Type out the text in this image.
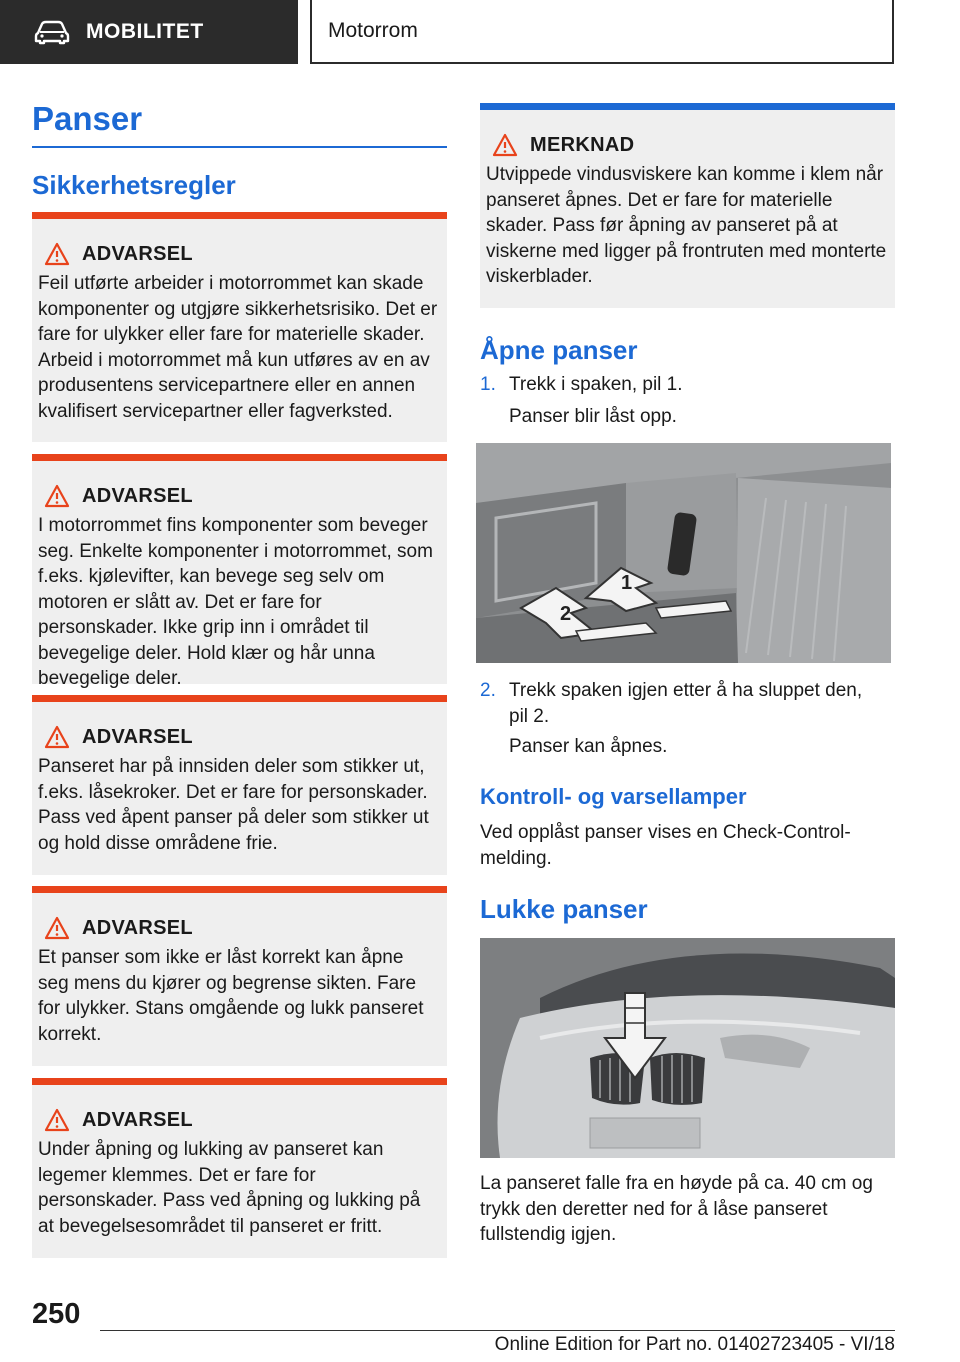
MOBILITET	Motorrom
Panser
Sikkerhetsregler
ADVARSEL
Feil utførte arbeider i motorrommet kan skade komponenter og utgjøre sikkerhetsrisiko. Det er fare for ulykker eller fare for materielle skader. Arbeid i motorrommet må kun utføres av en av produsentens servicepartnere eller en annen kvalifisert servicepartner eller fagverksted.
ADVARSEL
I motorrommet fins komponenter som beveger seg. Enkelte komponenter i motorrommet, som f.eks. kjølevifter, kan bevege seg selv om motoren er slått av. Det er fare for personskader. Ikke grip inn i området til bevegelige deler. Hold klær og hår unna bevegelige deler.
ADVARSEL
Panseret har på innsiden deler som stikker ut, f.eks. låsekroker. Det er fare for personskader. Pass ved åpent panser på deler som stikker ut og hold disse områdene frie.
ADVARSEL
Et panser som ikke er låst korrekt kan åpne seg mens du kjører og begrense sikten. Fare for ulykker. Stans omgående og lukk panseret korrekt.
ADVARSEL
Under åpning og lukking av panseret kan legemer klemmes. Det er fare for personskader. Pass ved åpning og lukking på at bevegelsesområdet til panseret er fritt.
MERKNAD
Utvippede vindusviskere kan komme i klem når panseret åpnes. Det er fare for materielle skader. Pass før åpning av panseret på at viskerne med ligger på frontruten med monterte viskerblader.
Åpne panser
1. Trekk i spaken, pil 1.
Panser blir låst opp.
1
2
2. Trekk spaken igjen etter å ha sluppet den, pil 2.
Panser kan åpnes.
Kontroll- og varsellamper
Ved opplåst panser vises en Check-Control-melding.
Lukke panser
La panseret falle fra en høyde på ca. 40 cm og trykk den deretter ned for å låse panseret fullstendig igjen.
250
Online Edition for Part no. 01402723405 - VI/18
